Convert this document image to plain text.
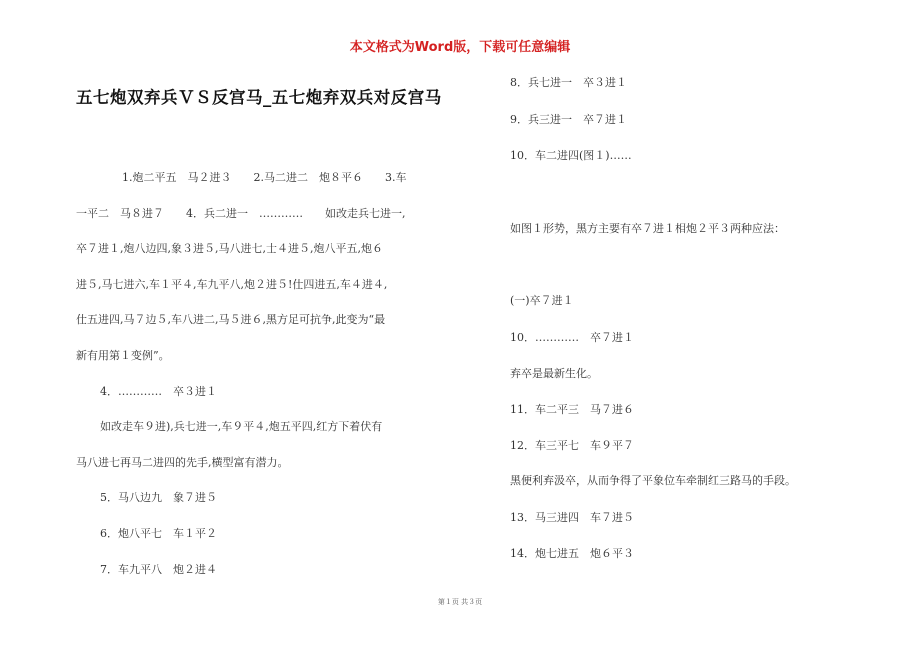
本文格式为Word版，下载可任意编辑
五七炮双弃兵ＶＳ反宫马_五七炮弃双兵对反宫马
1.炮二平五　马２进３　　2.马二进二　炮８平６　　3.车
一平二　马８进７　　4．兵二进一　…………　　如改走兵七进一,
卒７进１,炮八边四,象３进５,马八进七,士４进５,炮八平五,炮６
进５,马七进六,车１平４,车九平八,炮２进５!仕四进五,车４进４,
仕五进四,马７边５,车八进二,马５进６,黑方足可抗争,此变为“最
新有用第１变例”。
4．…………　卒３进１
如改走车９进),兵七进一,车９平４,炮五平四,红方下着伏有
马八进七再马二进四的先手,横型富有潜力。
5．马八边九　象７进５
6．炮八平七　车１平２
7．车九平八　炮２进４
8．兵七进一　卒３进１
9．兵三进一　卒７进１
10．车二进四(图１)……
如图１形势，黑方主要有卒７进１相炮２平３两种应法：
(一)卒７进１
10．…………　卒７进１
弃卒是最新生化。
11．车二平三　马７进６
12．车三平七　车９平７
黑便利弃汲卒，从而争得了平象位车牵制红三路马的手段。
13．马三进四　车７进５
14．炮七进五　炮６平３
第１页 共３页
